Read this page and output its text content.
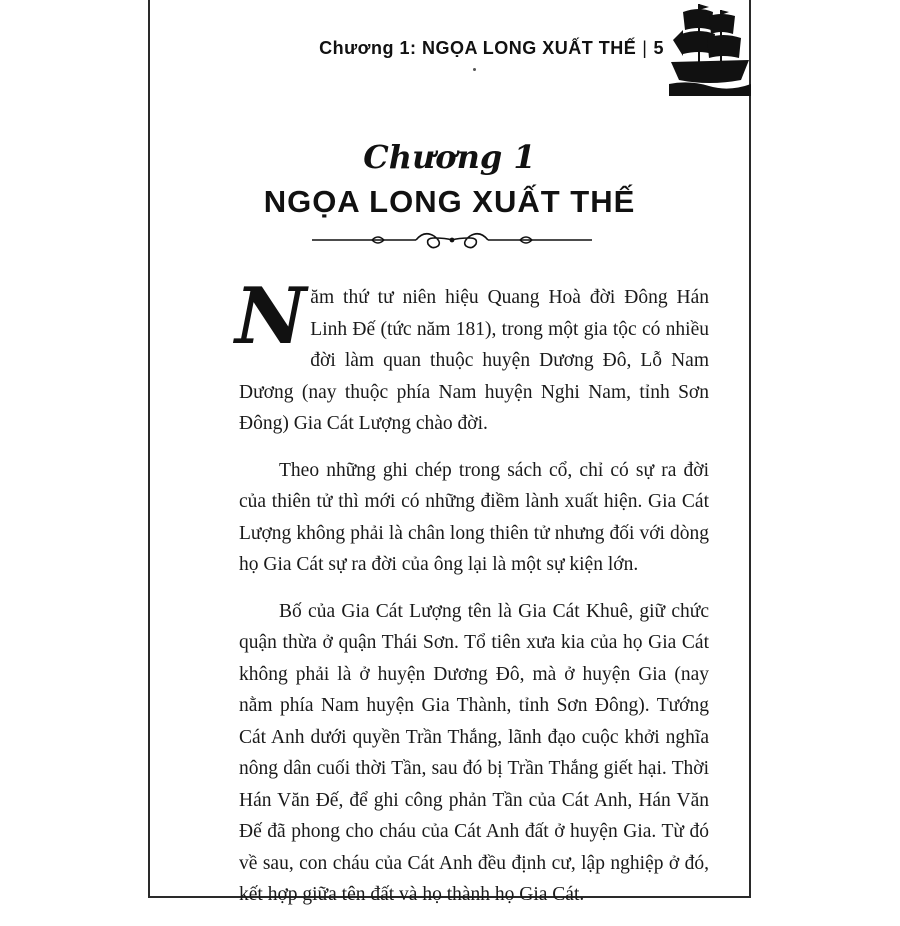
Chương 1: NGỌA LONG XUẤT THẾ | 5
Chương 1
NGỌA LONG XUẤT THẾ

Năm thứ tư niên hiệu Quang Hoà đời Đông Hán Linh Đế (tức năm 181), trong một gia tộc có nhiều đời làm quan thuộc huyện Dương Đô, Lỗ Nam Dương (nay thuộc phía Nam huyện Nghi Nam, tỉnh Sơn Đông) Gia Cát Lượng chào đời.

Theo những ghi chép trong sách cổ, chỉ có sự ra đời của thiên tử thì mới có những điềm lành xuất hiện. Gia Cát Lượng không phải là chân long thiên tử nhưng đối với dòng họ Gia Cát sự ra đời của ông lại là một sự kiện lớn.

Bố của Gia Cát Lượng tên là Gia Cát Khuê, giữ chức quận thừa ở quận Thái Sơn. Tổ tiên xưa kia của họ Gia Cát không phải là ở huyện Dương Đô, mà ở huyện Gia (nay nằm phía Nam huyện Gia Thành, tỉnh Sơn Đông). Tướng Cát Anh dưới quyền Trần Thắng, lãnh đạo cuộc khởi nghĩa nông dân cuối thời Tần, sau đó bị Trần Thắng giết hại. Thời Hán Văn Đế, để ghi công phản Tần của Cát Anh, Hán Văn Đế đã phong cho cháu của Cát Anh đất ở huyện Gia. Từ đó về sau, con cháu của Cát Anh đều định cư, lập nghiệp ở đó, kết hợp giữa tên đất và họ thành họ Gia Cát.
